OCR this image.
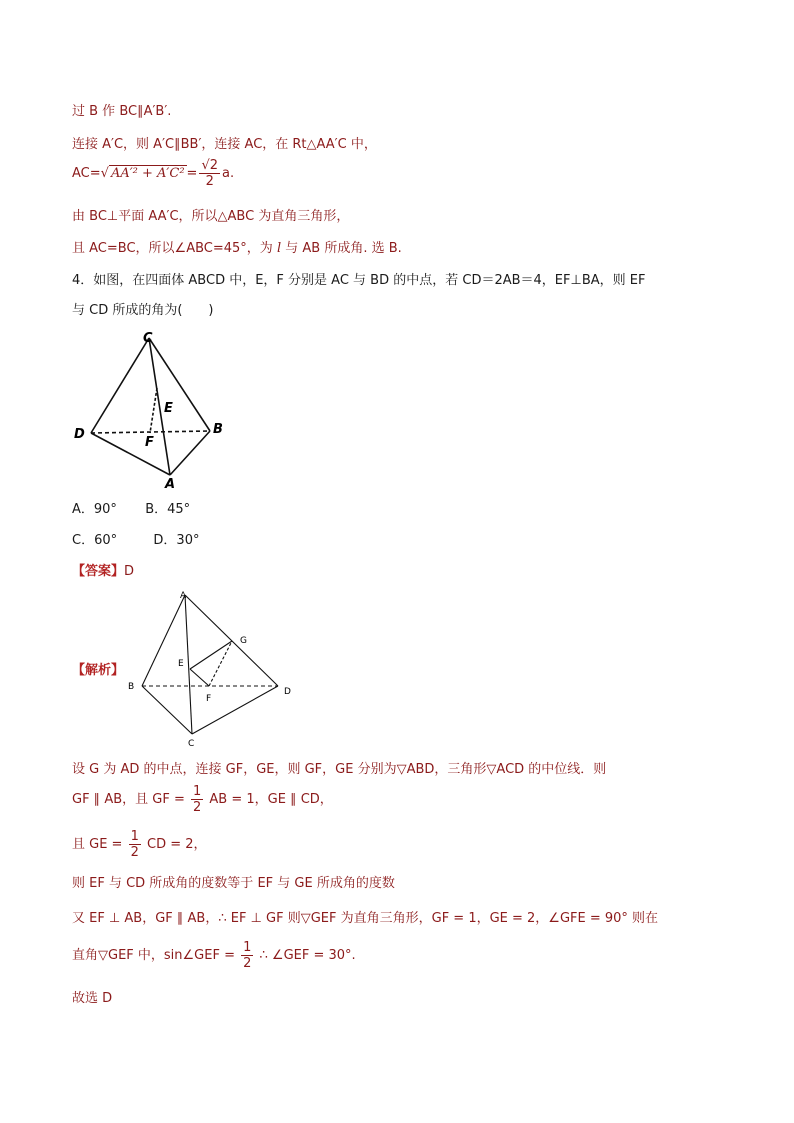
过 B 作 BC∥A′B′.
连接 A′C，则 A′C∥BB′，连接 AC，在 Rt△AA′C 中，
AC=√ $AA'^2 + A'C^2 = \frac{√2}{2} a$.
由 BC⊥平面 AA′C，所以△ABC 为直角三角形，
且 AC=BC，所以∠ABC=45°，为 l 与 AB 所成角. 选 B.
4．如图，在四面体 ABCD 中，E，F 分别是 AC 与 BD 的中点，若 CD＝2AB＝4，EF⊥BA，则 EF
与 CD 所成的角为(　　)
C
E
D
F
B
A
A．90° B．45°
C．60°	D．30°
【答案】D
【解析】
A
G
E
B	D
F
C
设 G 为 AD 的中点，连接 GF，GE，则 GF，GE 分别为▽ABD，三角形▽ACD 的中位线．则
GF ∥ AB，且 GF = $\frac{1}{2}$ AB = 1，GE ∥ CD，
且 GE = $\frac{1}{2}$ CD = 2，
则 EF 与 CD 所成角的度数等于 EF 与 GE 所成角的度数
又 EF ⊥ AB，GF ∥ AB，∴ EF ⊥ GF 则▽GEF 为直角三角形，GF = 1，GE = 2，∠GFE = 90° 则在
直角▽GEF 中，sin∠GEF = $\frac{1}{2}$ ∴ ∠GEF = 30°.
故选 D
